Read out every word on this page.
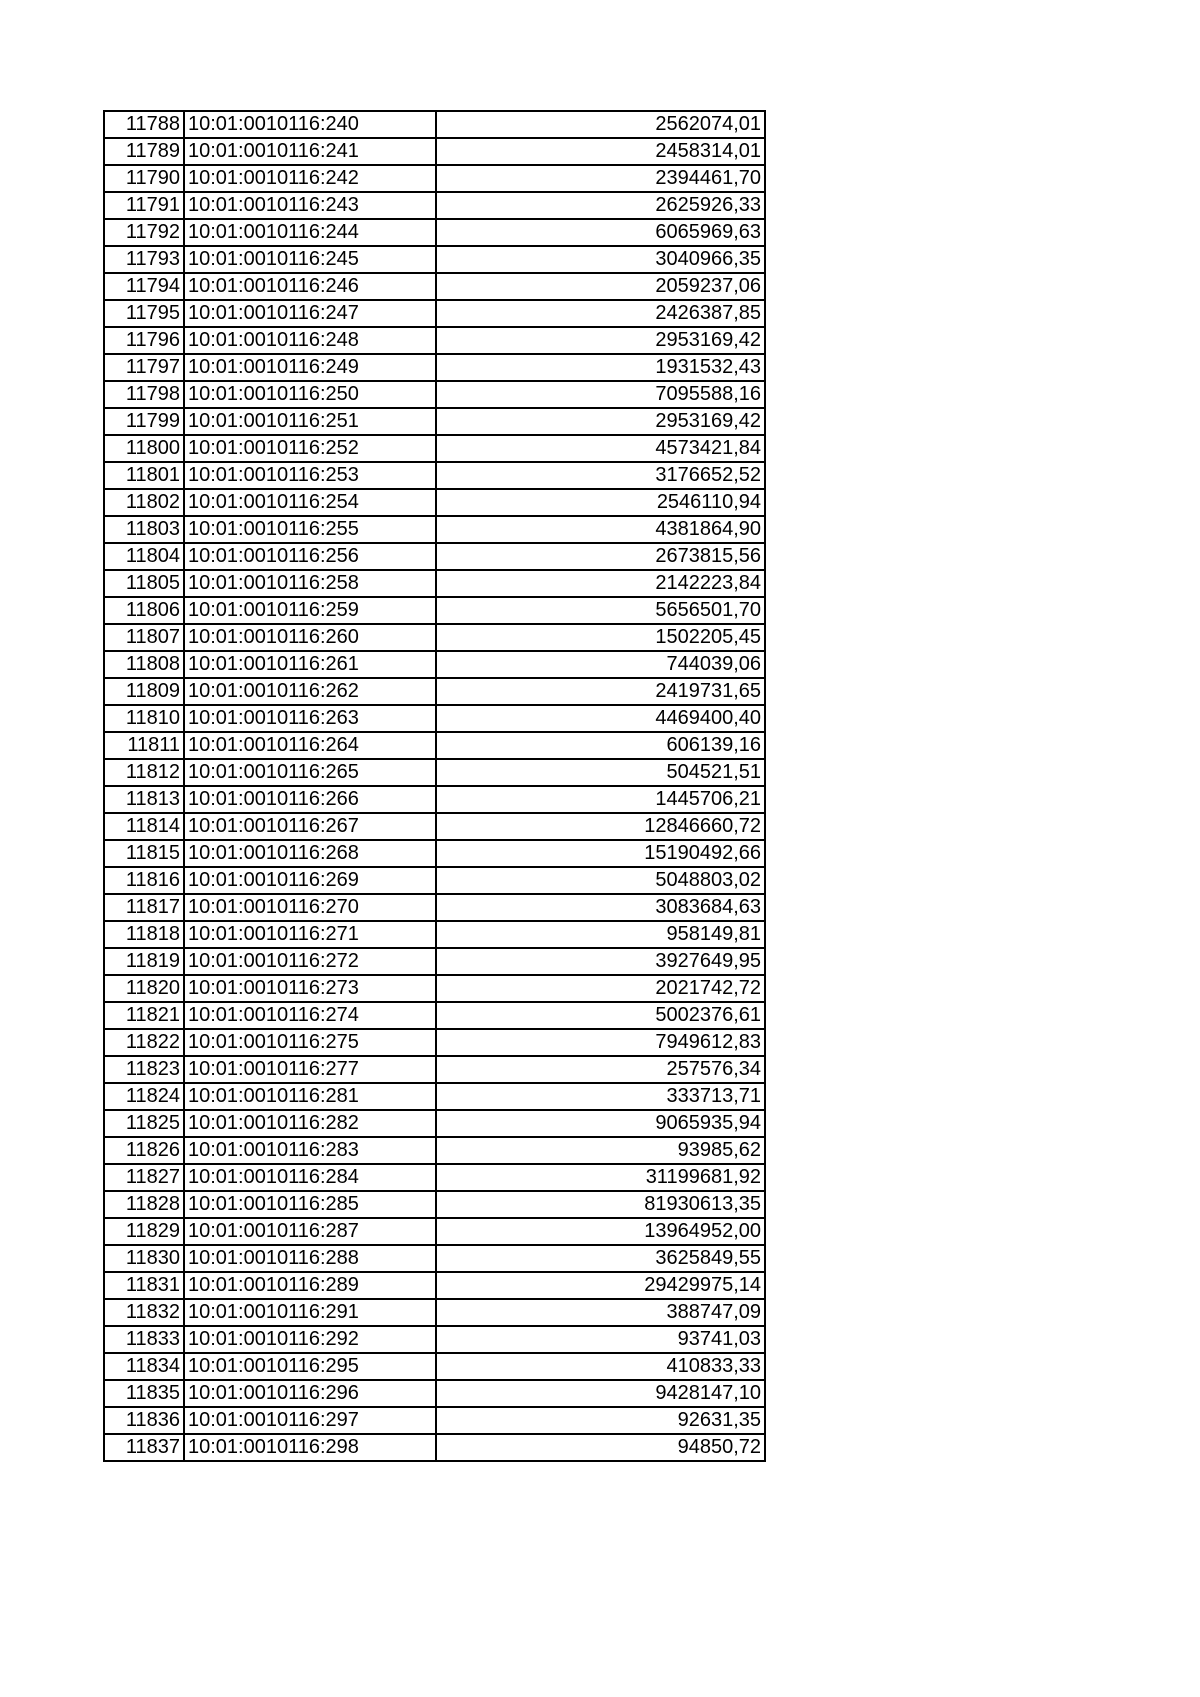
11788	10:01:0010116:240	2562074,01
11789	10:01:0010116:241	2458314,01
11790	10:01:0010116:242	2394461,70
11791	10:01:0010116:243	2625926,33
11792	10:01:0010116:244	6065969,63
11793	10:01:0010116:245	3040966,35
11794	10:01:0010116:246	2059237,06
11795	10:01:0010116:247	2426387,85
11796	10:01:0010116:248	2953169,42
11797	10:01:0010116:249	1931532,43
11798	10:01:0010116:250	7095588,16
11799	10:01:0010116:251	2953169,42
11800	10:01:0010116:252	4573421,84
11801	10:01:0010116:253	3176652,52
11802	10:01:0010116:254	2546110,94
11803	10:01:0010116:255	4381864,90
11804	10:01:0010116:256	2673815,56
11805	10:01:0010116:258	2142223,84
11806	10:01:0010116:259	5656501,70
11807	10:01:0010116:260	1502205,45
11808	10:01:0010116:261	744039,06
11809	10:01:0010116:262	2419731,65
11810	10:01:0010116:263	4469400,40
11811	10:01:0010116:264	606139,16
11812	10:01:0010116:265	504521,51
11813	10:01:0010116:266	1445706,21
11814	10:01:0010116:267	12846660,72
11815	10:01:0010116:268	15190492,66
11816	10:01:0010116:269	5048803,02
11817	10:01:0010116:270	3083684,63
11818	10:01:0010116:271	958149,81
11819	10:01:0010116:272	3927649,95
11820	10:01:0010116:273	2021742,72
11821	10:01:0010116:274	5002376,61
11822	10:01:0010116:275	7949612,83
11823	10:01:0010116:277	257576,34
11824	10:01:0010116:281	333713,71
11825	10:01:0010116:282	9065935,94
11826	10:01:0010116:283	93985,62
11827	10:01:0010116:284	31199681,92
11828	10:01:0010116:285	81930613,35
11829	10:01:0010116:287	13964952,00
11830	10:01:0010116:288	3625849,55
11831	10:01:0010116:289	29429975,14
11832	10:01:0010116:291	388747,09
11833	10:01:0010116:292	93741,03
11834	10:01:0010116:295	410833,33
11835	10:01:0010116:296	9428147,10
11836	10:01:0010116:297	92631,35
11837	10:01:0010116:298	94850,72
